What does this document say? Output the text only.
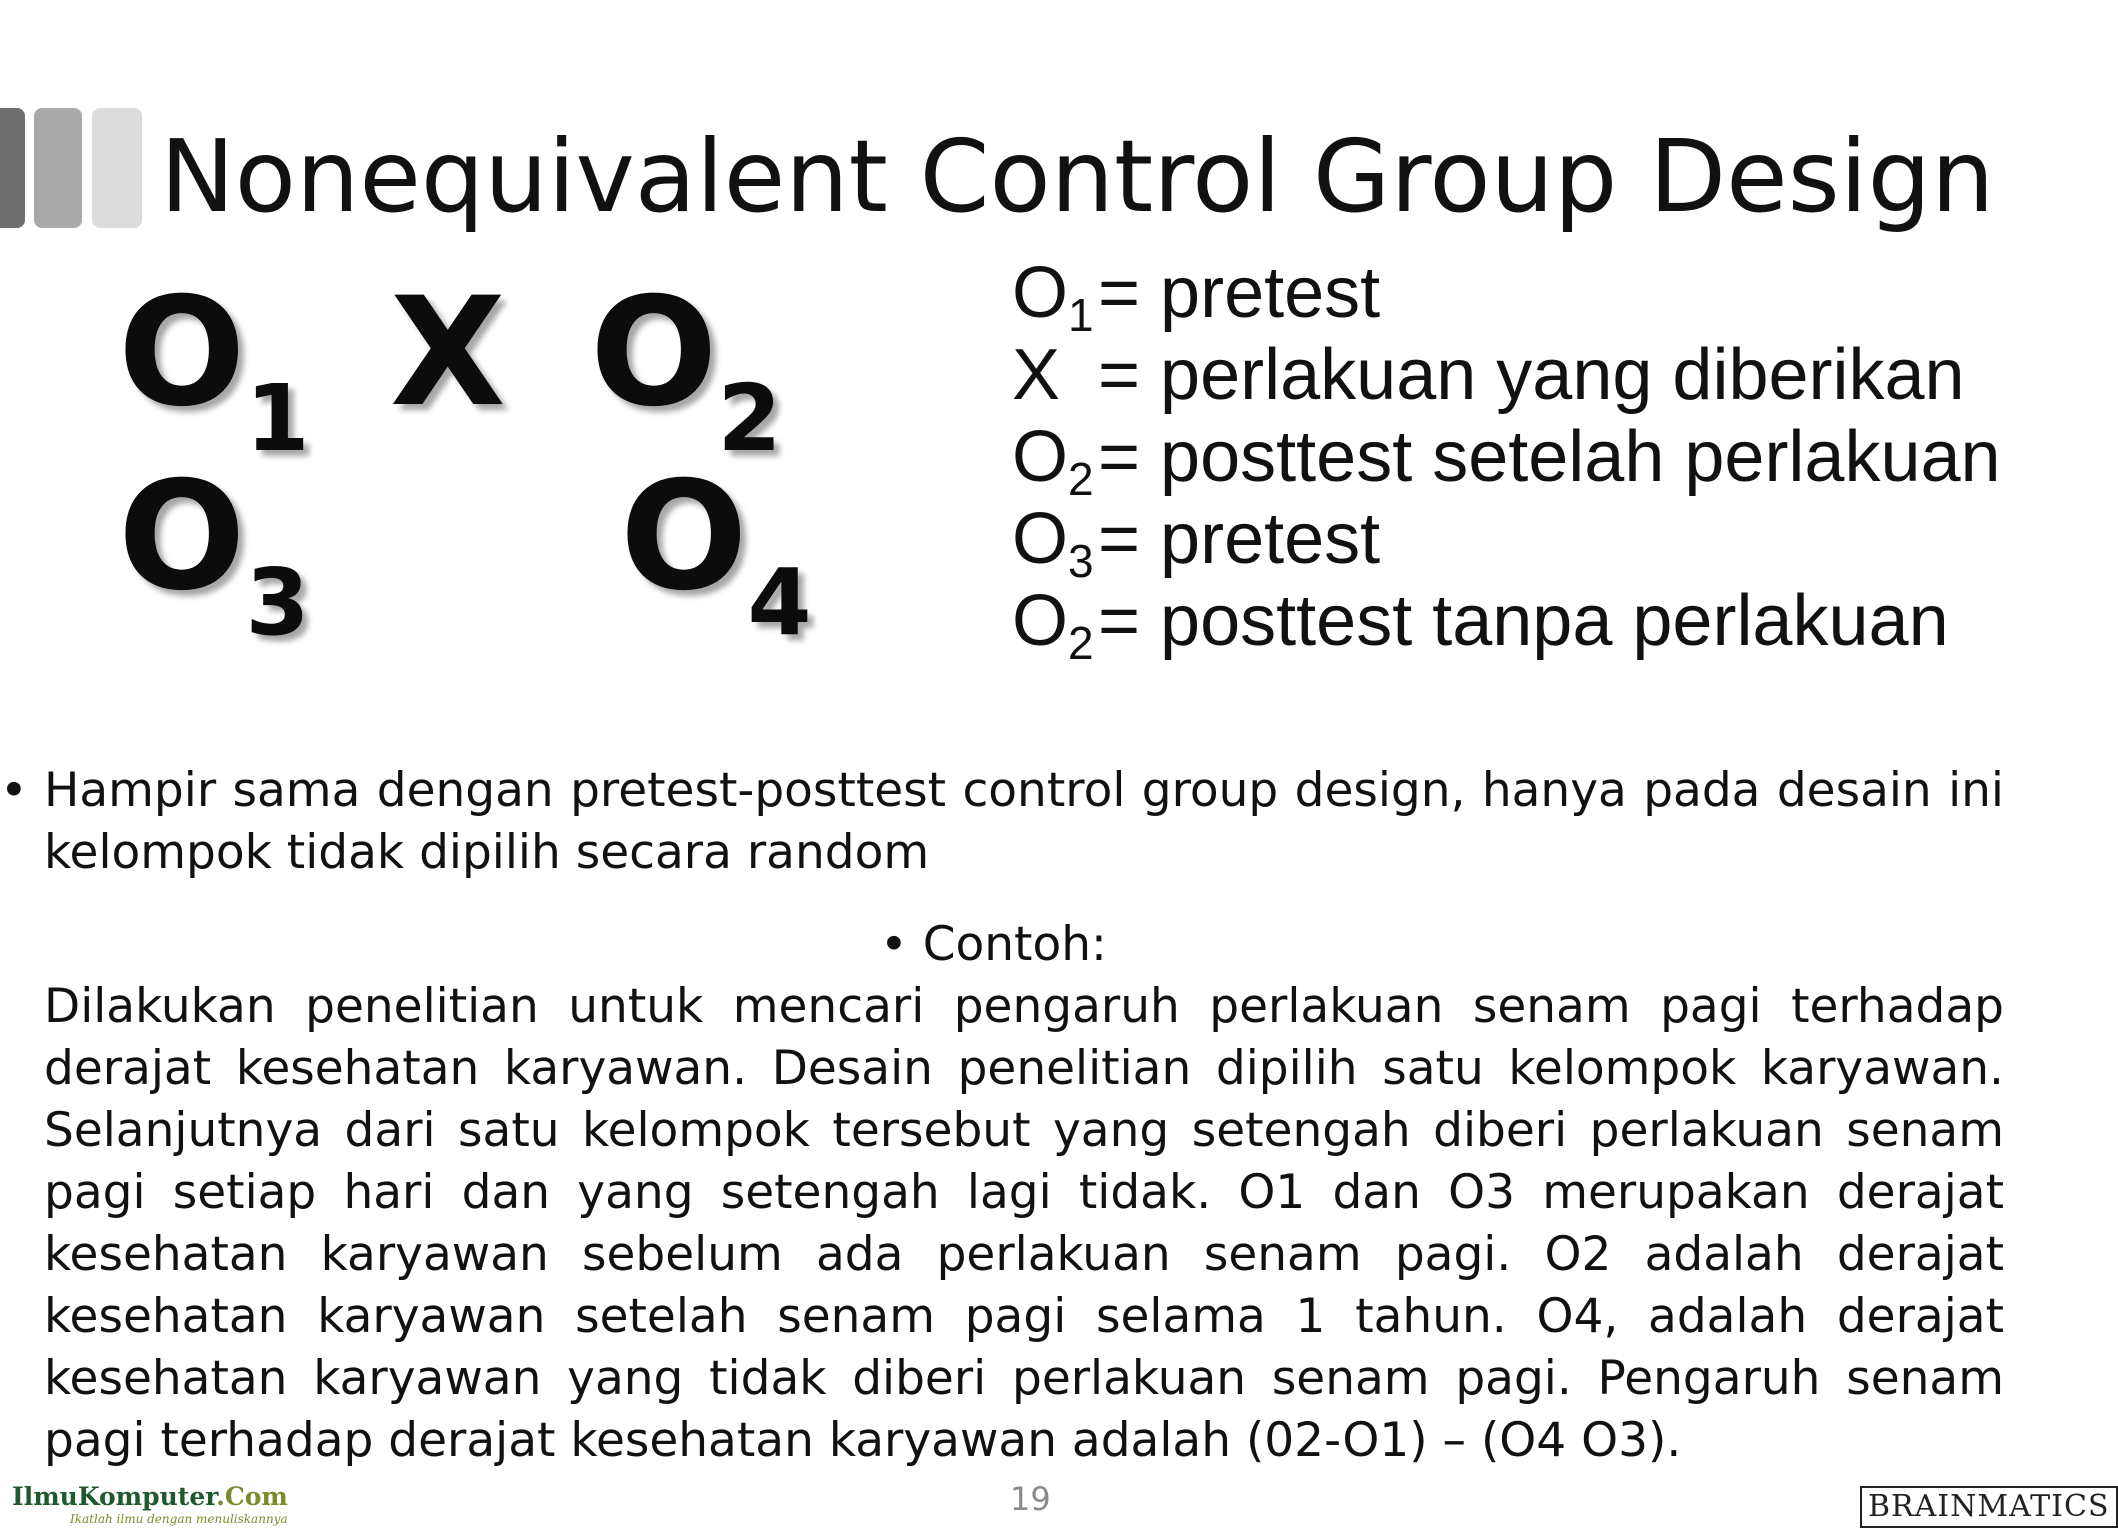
Nonequivalent Control Group Design
$O_1$ X $O_2$
$O_3$ $O_4$
$O_1=$ pretest
X = perlakuan yang diberikan
$O_2=$ posttest setelah perlakuan
$O_3=$ pretest
$O_2=$ posttest tanpa perlakuan
• Hampir sama dengan pretest-posttest control group design, hanya pada desain ini kelompok tidak dipilih secara random
• Contoh:
Dilakukan penelitian untuk mencari pengaruh perlakuan senam pagi terhadap derajat kesehatan karyawan. Desain penelitian dipilih satu kelompok karyawan. Selanjutnya dari satu kelompok tersebut yang setengah diberi perlakuan senam pagi setiap hari dan yang setengah lagi tidak. O1 dan O3 merupakan derajat kesehatan karyawan sebelum ada perlakuan senam pagi. O2 adalah derajat kesehatan karyawan setelah senam pagi selama 1 tahun. O4, adalah derajat kesehatan karyawan yang tidak diberi perlakuan senam pagi. Pengaruh senam pagi terhadap derajat kesehatan karyawan adalah (02-O1) – (O4 O3).
IlmuKomputer.Com
Ikatlah ilmu dengan menuliskannya
19	BRAINMATICS
